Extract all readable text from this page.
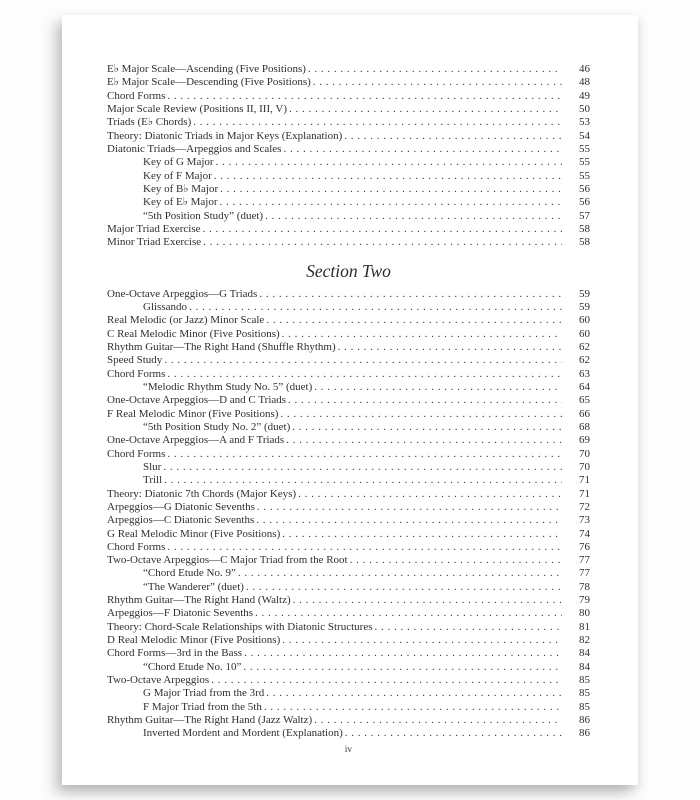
E♭ Major Scale—Ascending (Five Positions) . . .	46
E♭ Major Scale—Descending (Five Positions) . . .	48
Chord Forms . . .	49
Major Scale Review (Positions II, III, V) . . .	50
Triads (E♭ Chords) . . .	53
Theory: Diatonic Triads in Major Keys (Explanation) . . .	54
Diatonic Triads—Arpeggios and Scales . . .	55
Key of G Major . . .	55
Key of F Major . . .	55
Key of B♭ Major . . .	56
Key of E♭ Major . . .	56
“5th Position Study” (duet) . . .	57
Major Triad Exercise . . .	58
Minor Triad Exercise . . .	58
Section Two
One-Octave Arpeggios—G Triads . . .	59
Glissando . . .	59
Real Melodic (or Jazz) Minor Scale . . .	60
C Real Melodic Minor (Five Positions) . . .	60
Rhythm Guitar—The Right Hand (Shuffle Rhythm) . . .	62
Speed Study . . .	62
Chord Forms . . .	63
“Melodic Rhythm Study No. 5” (duet) . . .	64
One-Octave Arpeggios—D and C Triads . . .	65
F Real Melodic Minor (Five Positions) . . .	66
“5th Position Study No. 2” (duet) . . .	68
One-Octave Arpeggios—A and F Triads . . .	69
Chord Forms . . .	70
Slur . . .	70
Trill . . .	71
Theory: Diatonic 7th Chords (Major Keys) . . .	71
Arpeggios—G Diatonic Sevenths . . .	72
Arpeggios—C Diatonic Sevenths . . .	73
G Real Melodic Minor (Five Positions) . . .	74
Chord Forms . . .	76
Two-Octave Arpeggios—C Major Triad from the Root . . .	77
“Chord Etude No. 9” . . .	77
“The Wanderer” (duet) . . .	78
Rhythm Guitar—The Right Hand (Waltz) . . .	79
Arpeggios—F Diatonic Sevenths . . .	80
Theory: Chord-Scale Relationships with Diatonic Structures . . .	81
D Real Melodic Minor (Five Positions) . . .	82
Chord Forms—3rd in the Bass . . .	84
“Chord Etude No. 10” . . .	84
Two-Octave Arpeggios . . .	85
G Major Triad from the 3rd . . .	85
F Major Triad from the 5th . . .	85
Rhythm Guitar—The Right Hand (Jazz Waltz) . . .	86
Inverted Mordent and Mordent (Explanation) . . .	86
iv
